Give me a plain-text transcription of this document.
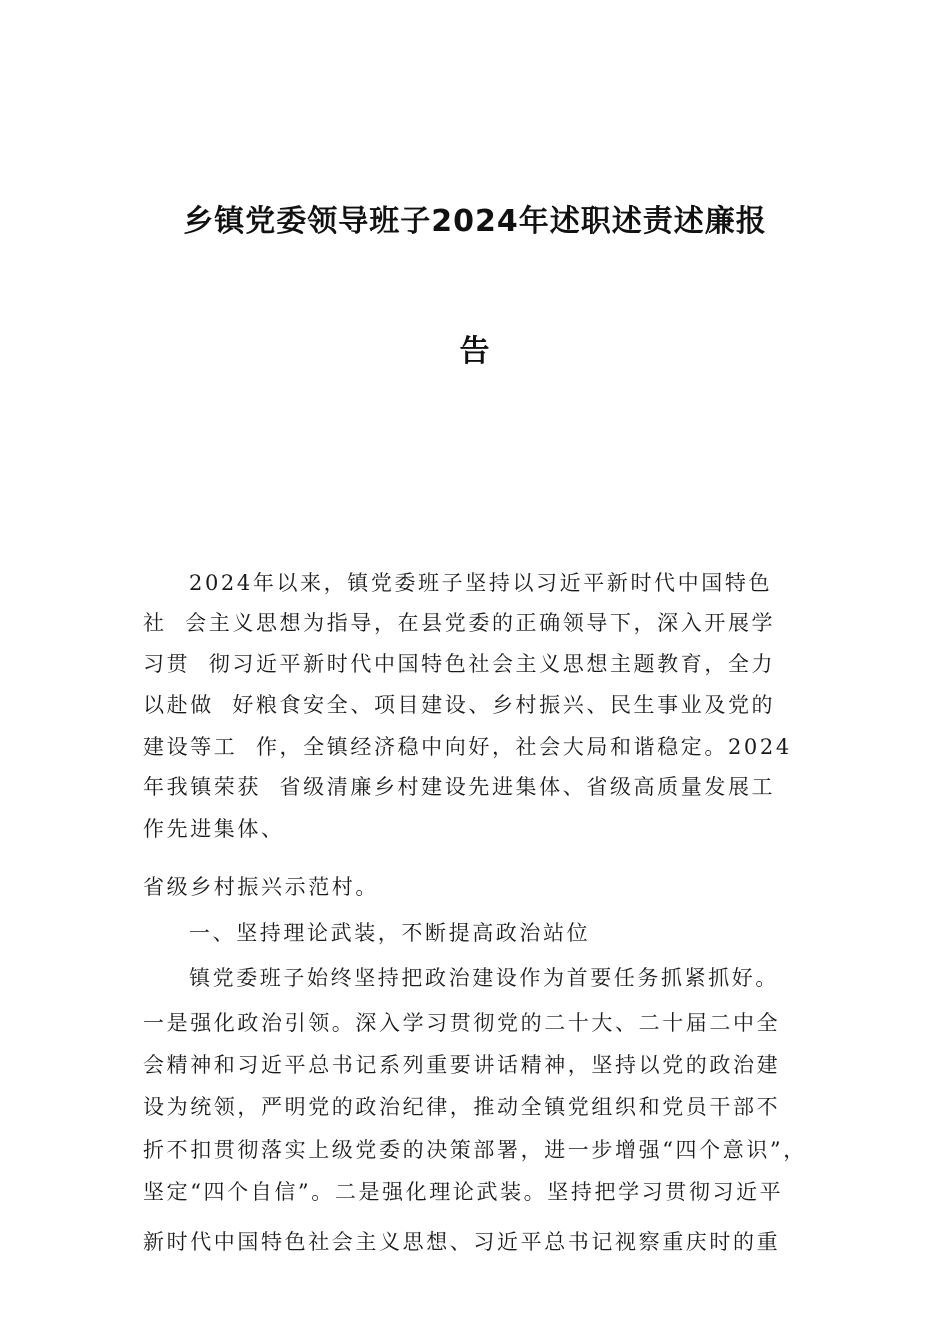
乡镇党委领导班子2024年述职述责述廉报
告
2024年以来，镇党委班子坚持以习近平新时代中国特色
社  会主义思想为指导，在县党委的正确领导下，深入开展学
习贯  彻习近平新时代中国特色社会主义思想主题教育，全力
以赴做  好粮食安全、项目建设、乡村振兴、民生事业及党的
建设等工  作，全镇经济稳中向好，社会大局和谐稳定。2024
年我镇荣获  省级清廉乡村建设先进集体、省级高质量发展工
作先进集体、
省级乡村振兴示范村。
一、坚持理论武装，不断提高政治站位
镇党委班子始终坚持把政治建设作为首要任务抓紧抓好。
一是强化政治引领。深入学习贯彻党的二十大、二十届二中全
会精神和习近平总书记系列重要讲话精神，坚持以党的政治建
设为统领，严明党的政治纪律，推动全镇党组织和党员干部不
折不扣贯彻落实上级党委的决策部署，进一步增强“四个意识”，
坚定“四个自信”。二是强化理论武装。坚持把学习贯彻习近平
新时代中国特色社会主义思想、习近平总书记视察重庆时的重
